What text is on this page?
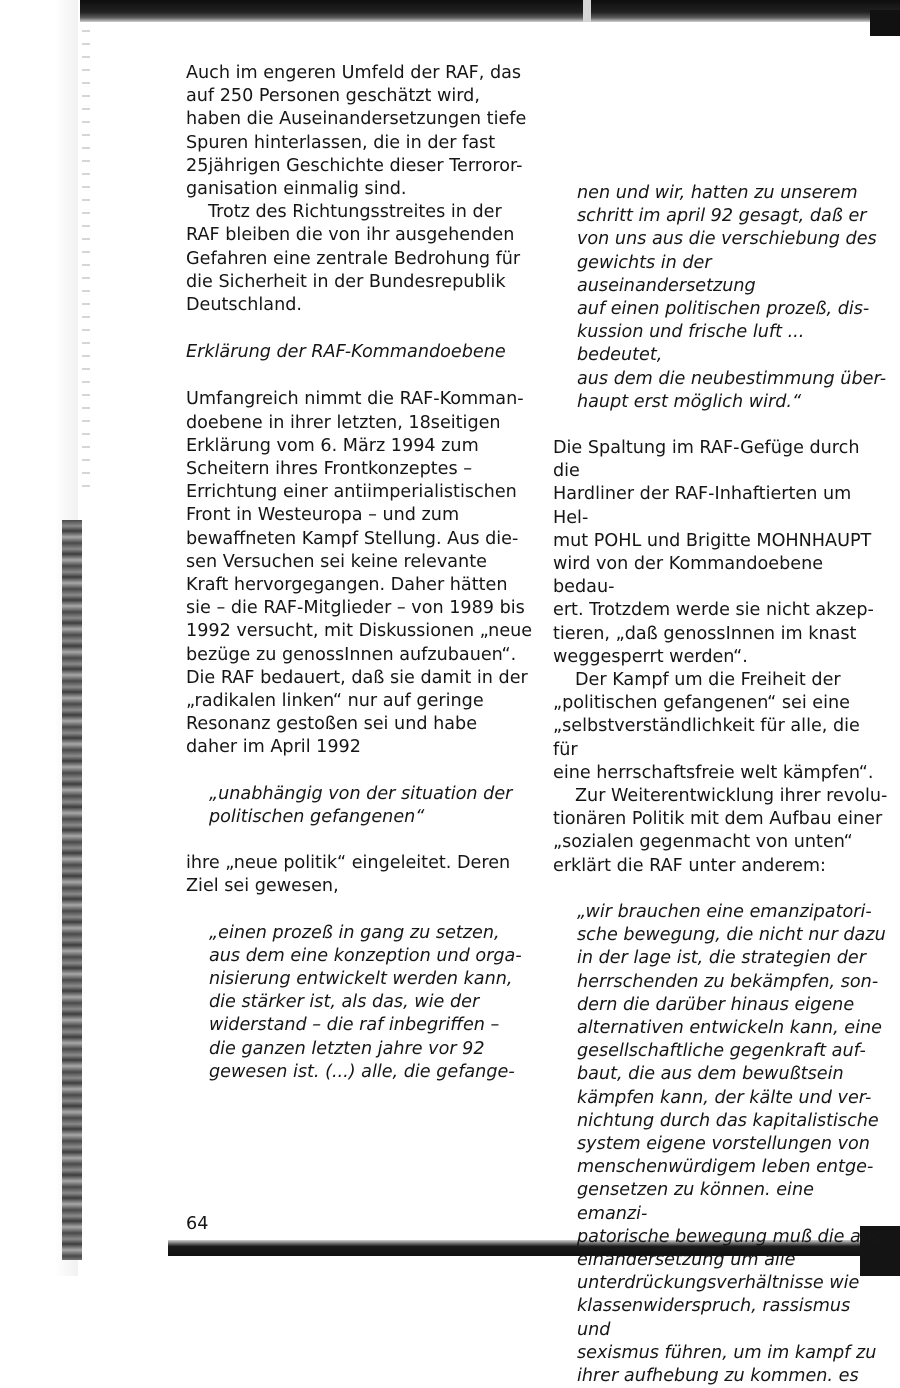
Auch im engeren Umfeld der RAF, das
auf 250 Personen geschätzt wird,
haben die Auseinandersetzungen tiefe
Spuren hinterlassen, die in der fast
25jährigen Geschichte dieser Terroror-
ganisation einmalig sind.

Trotz des Richtungsstreites in der
RAF bleiben die von ihr ausgehenden
Gefahren eine zentrale Bedrohung für
die Sicherheit in der Bundesrepublik
Deutschland.

Erklärung der RAF-Kommandoebene

Umfangreich nimmt die RAF-Komman-
doebene in ihrer letzten, 18seitigen
Erklärung vom 6. März 1994 zum
Scheitern ihres Frontkonzeptes –
Errichtung einer antiimperialistischen
Front in Westeuropa – und zum
bewaffneten Kampf Stellung. Aus die-
sen Versuchen sei keine relevante
Kraft hervorgegangen. Daher hätten
sie – die RAF-Mitglieder – von 1989 bis
1992 versucht, mit Diskussionen „neue
bezüge zu genossInnen aufzubauen“.
Die RAF bedauert, daß sie damit in der
„radikalen linken“ nur auf geringe
Resonanz gestoßen sei und habe
daher im April 1992

„unabhängig von der situation der
politischen gefangenen“

ihre „neue politik“ eingeleitet. Deren
Ziel sei gewesen,

„einen prozeß in gang zu setzen,
aus dem eine konzeption und orga-
nisierung entwickelt werden kann,
die stärker ist, als das, wie der
widerstand – die raf inbegriffen –
die ganzen letzten jahre vor 92
gewesen ist. (...) alle, die gefange-

nen und wir, hatten zu unserem
schritt im april 92 gesagt, daß er
von uns aus die verschiebung des
gewichts in der auseinandersetzung
auf einen politischen prozeß, dis-
kussion und frische luft ... bedeutet,
aus dem die neubestimmung über-
haupt erst möglich wird.“

Die Spaltung im RAF-Gefüge durch die
Hardliner der RAF-Inhaftierten um Hel-
mut POHL und Brigitte MOHNHAUPT
wird von der Kommandoebene bedau-
ert. Trotzdem werde sie nicht akzep-
tieren, „daß genossInnen im knast
weggesperrt werden“.

Der Kampf um die Freiheit der
„politischen gefangenen“ sei eine
„selbstverständlichkeit für alle, die für
eine herrschaftsfreie welt kämpfen“.

Zur Weiterentwicklung ihrer revolu-
tionären Politik mit dem Aufbau einer
„sozialen gegenmacht von unten“
erklärt die RAF unter anderem:

„wir brauchen eine emanzipatori-
sche bewegung, die nicht nur dazu
in der lage ist, die strategien der
herrschenden zu bekämpfen, son-
dern die darüber hinaus eigene
alternativen entwickeln kann, eine
gesellschaftliche gegenkraft auf-
baut, die aus dem bewußtsein
kämpfen kann, der kälte und ver-
nichtung durch das kapitalistische
system eigene vorstellungen von
menschenwürdigem leben entge-
gensetzen zu können. eine emanzi-
patorische bewegung muß die aus-
einandersetzung um alle
unterdrückungsverhältnisse wie
klassenwiderspruch, rassismus und
sexismus führen, um im kampf zu
ihrer aufhebung zu kommen. es

64
